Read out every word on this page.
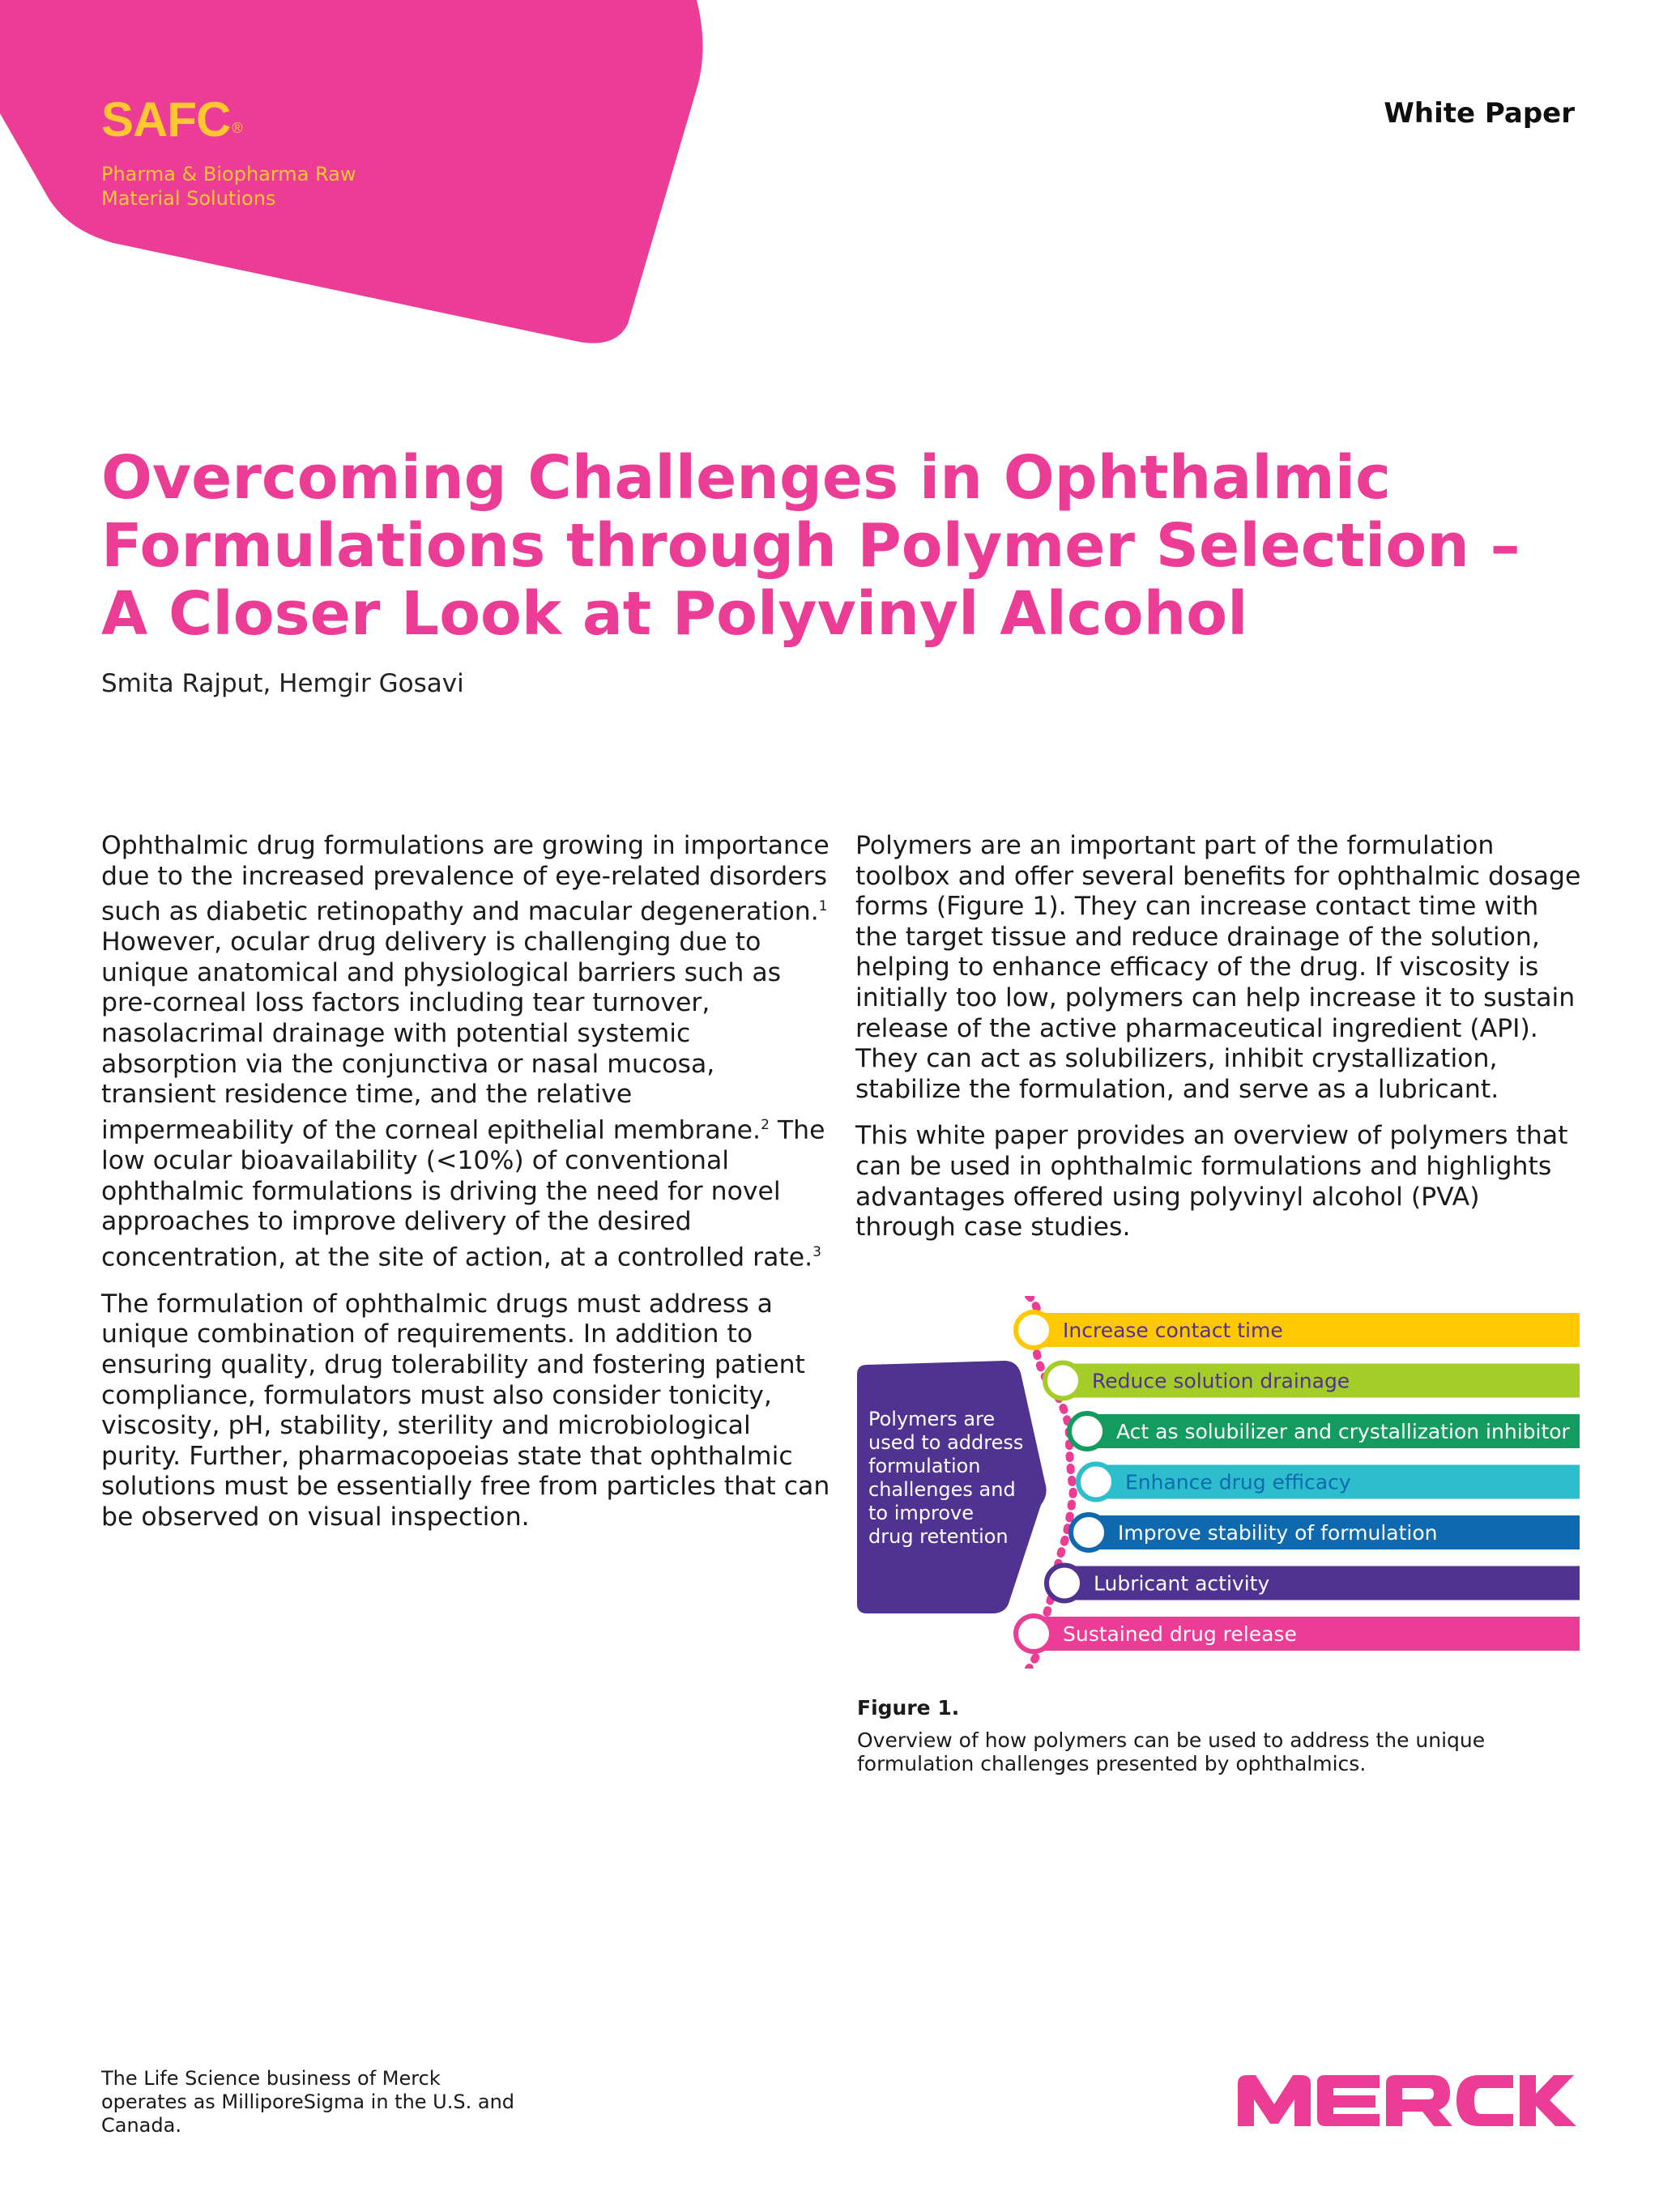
SAFC ®
Pharma & Biopharma Raw Material Solutions
White Paper
Overcoming Challenges in Ophthalmic Formulations through Polymer Selection – A Closer Look at Polyvinyl Alcohol
Smita Rajput, Hemgir Gosavi

Ophthalmic drug formulations are growing in importance due to the increased prevalence of eye-related disorders such as diabetic retinopathy and macular degeneration.$^1$ However, ocular drug delivery is challenging due to unique anatomical and physiological barriers such as pre-corneal loss factors including tear turnover, nasolacrimal drainage with potential systemic absorption via the conjunctiva or nasal mucosa, transient residence time, and the relative impermeability of the corneal epithelial membrane.$^2$ The low ocular bioavailability (<10%) of conventional ophthalmic formulations is driving the need for novel approaches to improve delivery of the desired concentration, at the site of action, at a controlled rate.$^3$

The formulation of ophthalmic drugs must address a unique combination of requirements. In addition to ensuring quality, drug tolerability and fostering patient compliance, formulators must also consider tonicity, viscosity, pH, stability, sterility and microbiological purity. Further, pharmacopoeias state that ophthalmic solutions must be essentially free from particles that can be observed on visual inspection.

Polymers are an important part of the formulation toolbox and offer several benefits for ophthalmic dosage forms (Figure 1). They can increase contact time with the target tissue and reduce drainage of the solution, helping to enhance efficacy of the drug. If viscosity is initially too low, polymers can help increase it to sustain release of the active pharmaceutical ingredient (API). They can act as solubilizers, inhibit crystallization, stabilize the formulation, and serve as a lubricant.

This white paper provides an overview of polymers that can be used in ophthalmic formulations and highlights advantages offered using polyvinyl alcohol (PVA) through case studies.

Polymers are used to address formulation challenges and to improve drug retention
Increase contact time
Reduce solution drainage
Act as solubilizer and crystallization inhibitor
Enhance drug efficacy
Improve stability of formulation
Lubricant activity
Sustained drug release
Figure 1.
Overview of how polymers can be used to address the unique formulation challenges presented by ophthalmics.
The Life Science business of Merck operates as MilliporeSigma in the U.S. and Canada.
